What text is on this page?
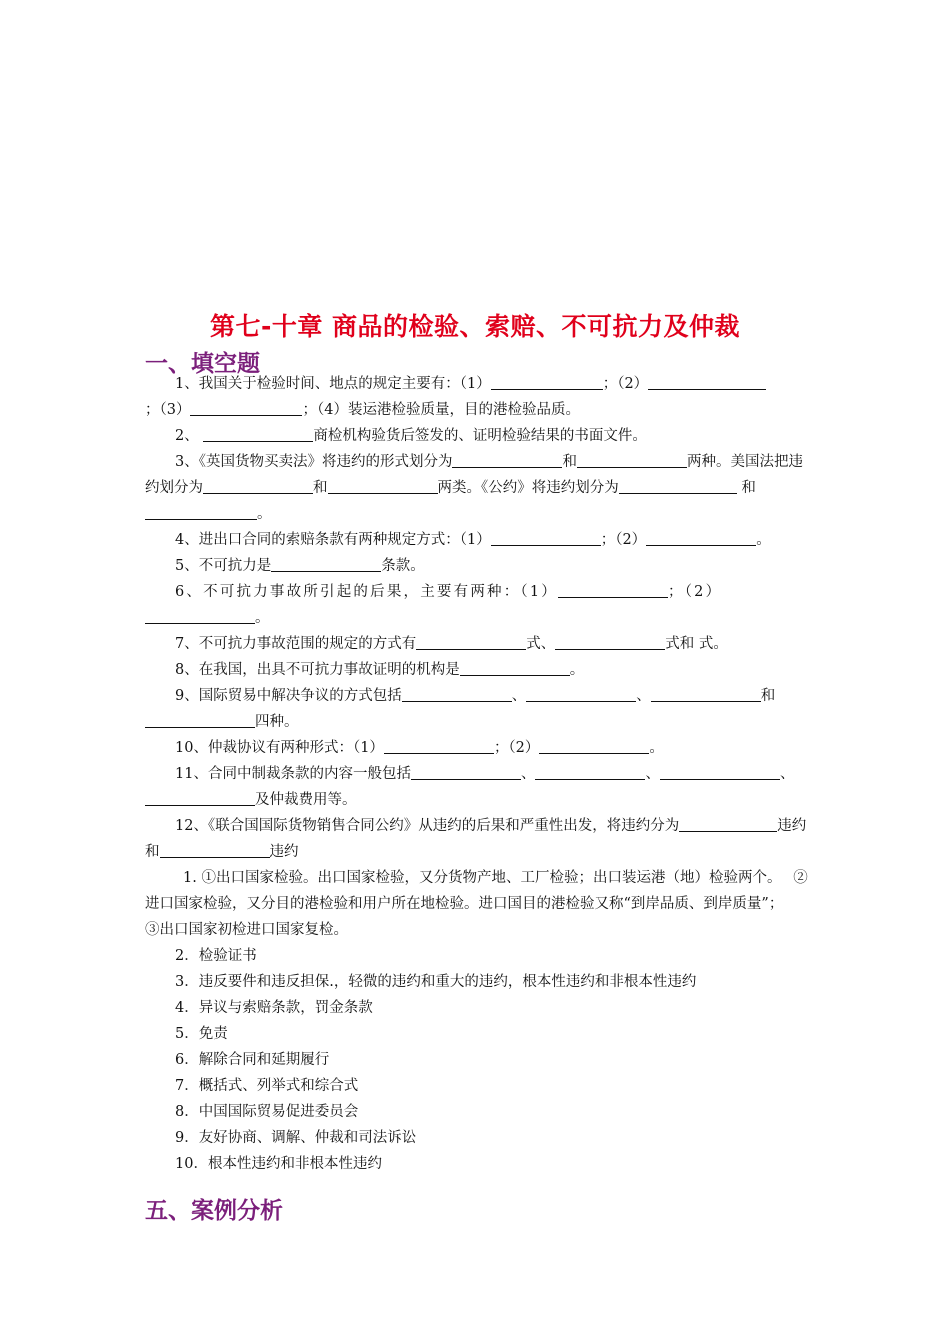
第七-十章 商品的检验、索赔、不可抗力及仲裁
一、填空题

1、我国关于检验时间、地点的规定主要有：（1）	；（2）；（3）	；（4）装运港检验质量，目的港检验品质。

2、	商检机构验货后签发的、证明检验结果的书面文件。

3、《英国货物买卖法》将违约的形式划分为	和	两种。美国法把违约划分为	和	两类。《公约》将违约划分为	和。

4、进出口合同的索赔条款有两种规定方式：（1）	；（2）	。

5、不可抗力是	条款。

6、不可抗力事故所引起的后果，主要有两种：（1）	；（2）。

7、不可抗力事故范围的规定的方式有	式、	式和 式。

8、在我国，出具不可抗力事故证明的机构是	。

9、国际贸易中解决争议的方式包括	、	、	和 四种。

10、仲裁协议有两种形式：（1）	；（2）	。

11、合同中制裁条款的内容一般包括	、	、	、及仲裁费用等。

12、《联合国国际货物销售合同公约》从违约的后果和严重性出发，将违约分为	违约和	违约

1. ①出口国家检验。出口国家检验，又分货物产地、工厂检验；出口装运港（地）检验两个。　 ②进口国家检验，又分目的港检验和用户所在地检验。进口国目的港检验又称“到岸品质、到岸质量”；　　 ③出口国家初检进口国家复检。

2．检验证书

3．违反要件和违反担保.，轻微的违约和重大的违约，根本性违约和非根本性违约

4．异议与索赔条款，罚金条款

5．免责

6．解除合同和延期履行

7．概括式、列举式和综合式

8．中国国际贸易促进委员会

9．友好协商、调解、仲裁和司法诉讼

10．根本性违约和非根本性违约

五、案例分析
